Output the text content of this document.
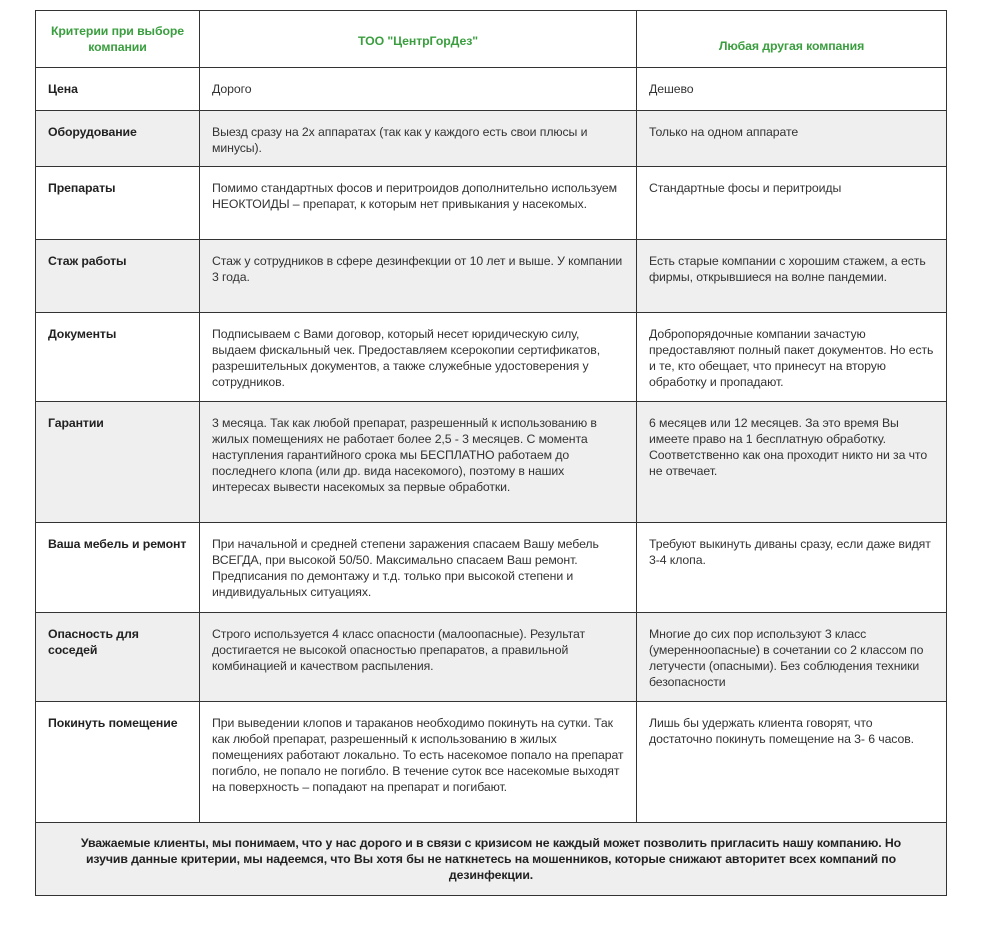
Критерии при выборе компании	ТОО "ЦентрГорДез"	Любая другая компания
Цена	Дорого	Дешево
Оборудование	Выезд сразу на 2х аппаратах (так как у каждого есть свои плюсы и минусы).	Только на одном аппарате
Препараты	Помимо стандартных фосов и перитроидов дополнительно используем НЕОКТОИДЫ – препарат, к которым нет привыкания у насекомых.	Стандартные фосы и перитроиды
Стаж работы	Стаж у сотрудников в сфере дезинфекции от 10 лет и выше. У компании 3 года.	Есть старые компании с хорошим стажем, а есть фирмы, открывшиеся на волне пандемии.
Документы	Подписываем с Вами договор, который несет юридическую силу, выдаем фискальный чек. Предоставляем ксерокопии сертификатов, разрешительных документов, а также служебные удостоверения у сотрудников.	Добропорядочные компании зачастую предоставляют полный пакет документов. Но есть и те, кто обещает, что принесут на вторую обработку и пропадают.
Гарантии	3 месяца. Так как любой препарат, разрешенный к использованию в жилых помещениях не работает более 2,5 - 3 месяцев. С момента наступления гарантийного срока мы БЕСПЛАТНО работаем до последнего клопа (или др. вида насекомого), поэтому в наших интересах вывести насекомых за первые обработки.	6 месяцев или 12 месяцев. За это время Вы имеете право на 1 бесплатную обработку. Соответственно как она проходит никто ни за что не отвечает.
Ваша мебель и ремонт	При начальной и средней степени заражения спасаем Вашу мебель ВСЕГДА, при высокой 50/50. Максимально спасаем Ваш ремонт. Предписания по демонтажу и т.д. только при высокой степени и индивидуальных ситуациях.	Требуют выкинуть диваны сразу, если даже видят 3-4 клопа.
Опасность для соседей	Строго используется 4 класс опасности (малоопасные). Результат достигается не высокой опасностью препаратов, а правильной комбинацией и качеством распыления.	Многие до сих пор используют 3 класс (умеренноопасные) в сочетании со 2 классом по летучести (опасными). Без соблюдения техники безопасности
Покинуть помещение	При выведении клопов и тараканов необходимо покинуть на сутки. Так как любой препарат, разрешенный к использованию в жилых помещениях работают локально. То есть насекомое попало на препарат погибло, не попало не погибло. В течение суток все насекомые выходят на поверхность – попадают на препарат и погибают.	Лишь бы удержать клиента говорят, что достаточно покинуть помещение на 3- 6 часов.
Уважаемые клиенты, мы понимаем, что у нас дорого и в связи с кризисом не каждый может позволить пригласить нашу компанию. Но изучив данные критерии, мы надеемся, что Вы хотя бы не наткнетесь на мошенников, которые снижают авторитет всех компаний по дезинфекции.		
